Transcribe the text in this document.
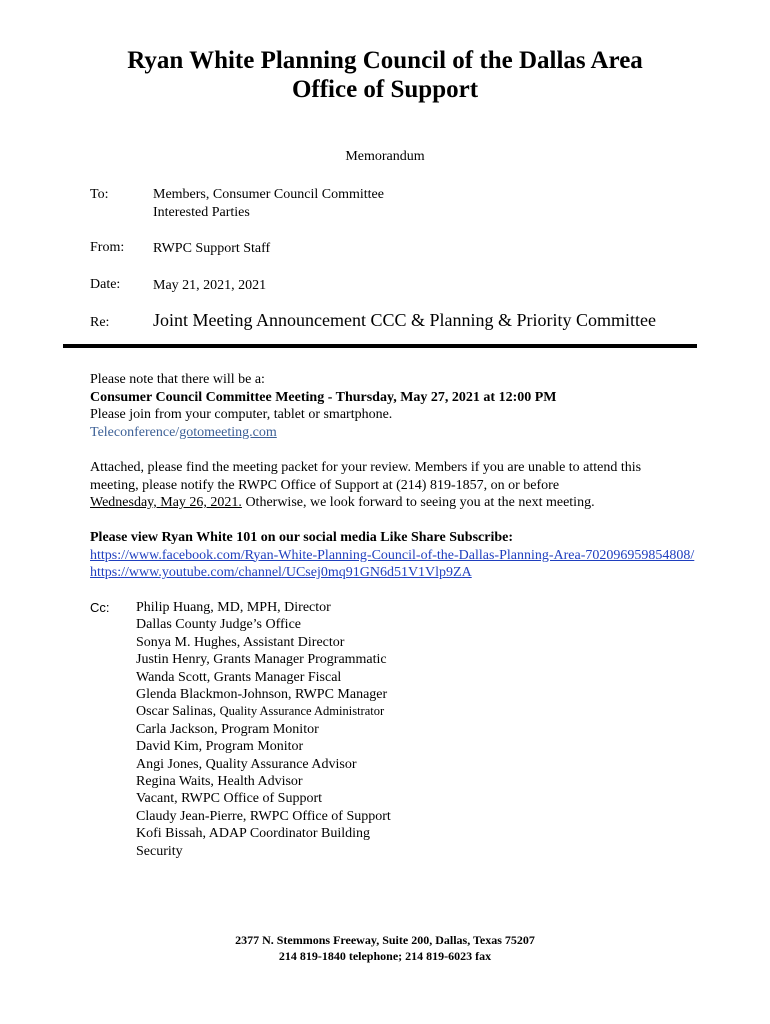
Ryan White Planning Council of the Dallas Area
Office of Support
Memorandum
To:	Members, Consumer Council Committee
Interested Parties
From: RWPC Support Staff
Date: May 21, 2021, 2021
Re: Joint Meeting Announcement CCC & Planning & Priority Committee
Please note that there will be a:
Consumer Council Committee Meeting - Thursday, May 27, 2021 at 12:00 PM
Please join from your computer, tablet or smartphone.
Teleconference/gotomeeting.com
Attached, please find the meeting packet for your review. Members if you are unable to attend this
meeting, please notify the RWPC Office of Support at (214) 819-1857, on or before
Wednesday, May 26, 2021. Otherwise, we look forward to seeing you at the next meeting.
Please view Ryan White 101 on our social media Like Share Subscribe:
https://www.facebook.com/Ryan-White-Planning-Council-of-the-Dallas-Planning-Area-702096959854808/
https://www.youtube.com/channel/UCsej0mq91GN6d51V1Vlp9ZA
Cc: Philip Huang, MD, MPH, Director
Dallas County Judge’s Office
Sonya M. Hughes, Assistant Director
Justin Henry, Grants Manager Programmatic
Wanda Scott, Grants Manager Fiscal
Glenda Blackmon-Johnson, RWPC Manager
Oscar Salinas, Quality Assurance Administrator
Carla Jackson, Program Monitor
David Kim, Program Monitor
Angi Jones, Quality Assurance Advisor
Regina Waits, Health Advisor
Vacant, RWPC Office of Support
Claudy Jean-Pierre, RWPC Office of Support
Kofi Bissah, ADAP Coordinator Building
Security
2377 N. Stemmons Freeway, Suite 200, Dallas, Texas 75207
214 819-1840 telephone; 214 819-6023 fax
